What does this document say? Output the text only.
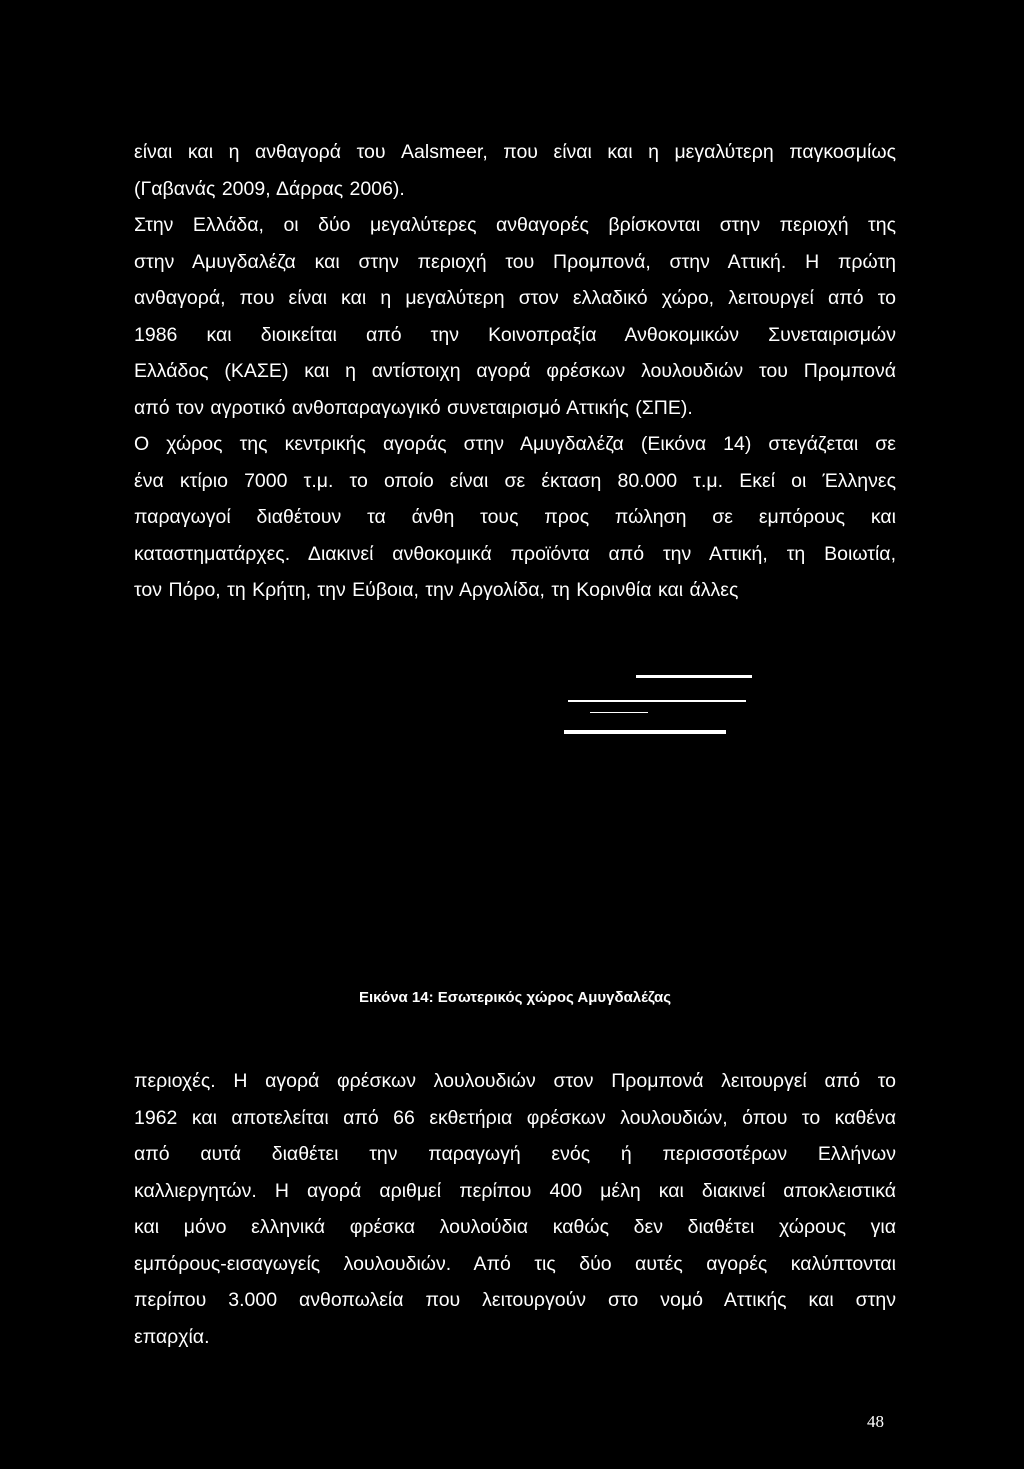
είναι και η ανθαγορά του Aalsmeer, που είναι και η μεγαλύτερη παγκοσμίως
(Γαβανάς 2009, Δάρρας 2006).
Στην Ελλάδα, οι δύο μεγαλύτερες ανθαγορές βρίσκονται στην περιοχή της
στην Αμυγδαλέζα και στην περιοχή του Προμπονά, στην Αττική. Η πρώτη
ανθαγορά, που είναι και η μεγαλύτερη στον ελλαδικό χώρο, λειτουργεί από το
1986 και διοικείται από την Κοινοπραξία Ανθοκομικών Συνεταιρισμών
Ελλάδος (ΚΑΣΕ) και η αντίστοιχη αγορά φρέσκων λουλουδιών του Προμπονά
από τον αγροτικό ανθοπαραγωγικό συνεταιρισμό Αττικής (ΣΠΕ).
Ο χώρος της κεντρικής αγοράς στην Αμυγδαλέζα (Εικόνα 14) στεγάζεται σε
ένα κτίριο 7000 τ.μ. το οποίο είναι σε έκταση 80.000 τ.μ. Εκεί οι Έλληνες
παραγωγοί διαθέτουν τα άνθη τους προς πώληση σε εμπόρους και
καταστηματάρχες. Διακινεί ανθοκομικά προϊόντα από την Αττική, τη Βοιωτία,
τον Πόρο, τη Κρήτη, την Εύβοια, την Αργολίδα, τη Κορινθία και άλλες
Εικόνα 14: Εσωτερικός χώρος Αμυγδαλέζας
περιοχές. Η αγορά φρέσκων λουλουδιών στον Προμπονά λειτουργεί από το
1962 και αποτελείται από 66 εκθετήρια φρέσκων λουλουδιών, όπου το καθένα
από αυτά διαθέτει την παραγωγή ενός ή περισσοτέρων Ελλήνων
καλλιεργητών. Η αγορά αριθμεί περίπου 400 μέλη και διακινεί αποκλειστικά
και μόνο ελληνικά φρέσκα λουλούδια καθώς δεν διαθέτει χώρους για
εμπόρους-εισαγωγείς λουλουδιών. Από τις δύο αυτές αγορές καλύπτονται
περίπου 3.000 ανθοπωλεία που λειτουργούν στο νομό Αττικής και στην
επαρχία.
48
